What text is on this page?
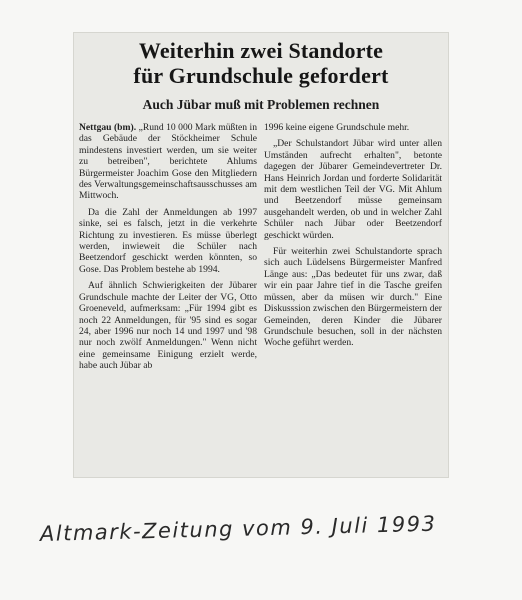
Weiterhin zwei Standorte
für Grundschule gefordert
Auch Jübar muß mit Problemen rechnen

Nettgau (bm). „Rund 10 000 Mark müßten in das Gebäude der Stöckheimer Schule mindestens investiert werden, um sie weiter zu betreiben", berichtete Ahlums Bürgermeister Joachim Gose den Mitgliedern des Verwaltungsgemeinschaftsausschusses am Mittwoch.

Da die Zahl der Anmeldungen ab 1997 sinke, sei es falsch, jetzt in die verkehrte Richtung zu investieren. Es müsse überlegt werden, inwieweit die Schüler nach Beetzendorf geschickt werden könnten, so Gose. Das Problem bestehe ab 1994.

Auf ähnlich Schwierigkeiten der Jübarer Grundschule machte der Leiter der VG, Otto Groeneveld, aufmerksam: „Für 1994 gibt es noch 22 Anmeldungen, für '95 sind es sogar 24, aber 1996 nur noch 14 und 1997 und '98 nur noch zwölf Anmeldungen." Wenn nicht eine gemeinsame Einigung erzielt werde, habe auch Jübar ab

1996 keine eigene Grundschule mehr.

„Der Schulstandort Jübar wird unter allen Umständen aufrecht erhalten", betonte dagegen der Jübarer Gemeindevertreter Dr. Hans Heinrich Jordan und forderte Solidarität mit dem westlichen Teil der VG. Mit Ahlum und Beetzendorf müsse gemeinsam ausgehandelt werden, ob und in welcher Zahl Schüler nach Jübar oder Beetzendorf geschickt würden.

Für weiterhin zwei Schulstandorte sprach sich auch Lüdelsens Bürgermeister Manfred Länge aus: „Das bedeutet für uns zwar, daß wir ein paar Jahre tief in die Tasche greifen müssen, aber da müsen wir durch." Eine Diskusssion zwischen den Bürgermeistern der Gemeinden, deren Kinder die Jübarer Grundschule besuchen, soll in der nächsten Woche geführt werden.

Altmark-Zeitung vom 9. Juli 1993
